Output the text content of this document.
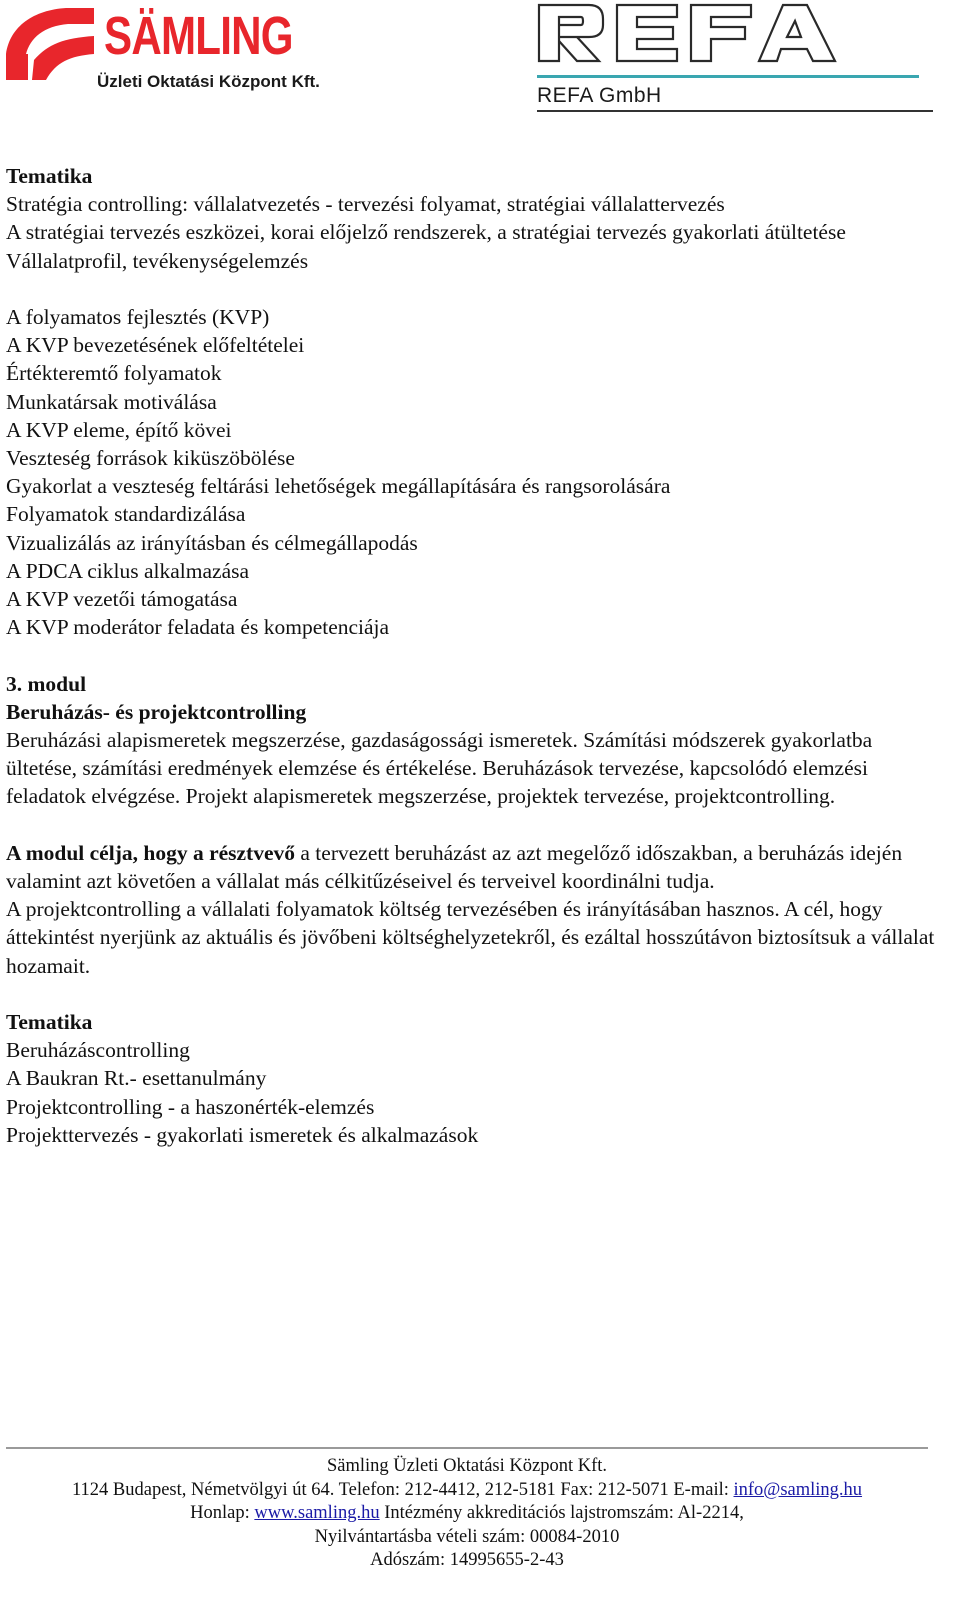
SÄMLING
Üzleti Oktatási Központ Kft.
REFA GmbH

Tematika

Stratégia controlling: vállalatvezetés - tervezési folyamat, stratégiai vállalattervezés

A stratégiai tervezés eszközei, korai előjelző rendszerek, a stratégiai tervezés gyakorlati átültetése

Vállalatprofil, tevékenységelemzés

A folyamatos fejlesztés (KVP)

A KVP bevezetésének előfeltételei

Értékteremtő folyamatok

Munkatársak motiválása

A KVP eleme, építő kövei

Veszteség források kiküszöbölése

Gyakorlat a veszteség feltárási lehetőségek megállapítására és rangsorolására

Folyamatok standardizálása

Vizualizálás az irányításban és célmegállapodás

A PDCA ciklus alkalmazása

A KVP vezetői támogatása

A KVP moderátor feladata és kompetenciája

3. modul

Beruházás- és projektcontrolling

Beruházási alapismeretek megszerzése, gazdaságossági ismeretek. Számítási módszerek gyakorlatba ültetése, számítási eredmények elemzése és értékelése. Beruházások tervezése, kapcsolódó elemzési feladatok elvégzése. Projekt alapismeretek megszerzése, projektek tervezése, projektcontrolling.

A modul célja, hogy a résztvevő a tervezett beruházást az azt megelőző időszakban, a beruházás idején valamint azt követően a vállalat más célkitűzéseivel és terveivel koordinálni tudja.

A projektcontrolling a vállalati folyamatok költség tervezésében és irányításában hasznos. A cél, hogy áttekintést nyerjünk az aktuális és jövőbeni költséghelyzetekről, és ezáltal hosszútávon biztosítsuk a vállalat hozamait.

Tematika

Beruházáscontrolling

A Baukran Rt.- esettanulmány

Projektcontrolling - a haszonérték-elemzés

Projekttervezés - gyakorlati ismeretek és alkalmazások

Sämling Üzleti Oktatási Központ Kft.

1124 Budapest, Németvölgyi út 64. Telefon: 212-4412, 212-5181 Fax: 212-5071 E-mail: info@samling.hu

Honlap: www.samling.hu Intézmény akkreditációs lajstromszám: Al-2214,

Nyilvántartásba vételi szám: 00084-2010

Adószám: 14995655-2-43
